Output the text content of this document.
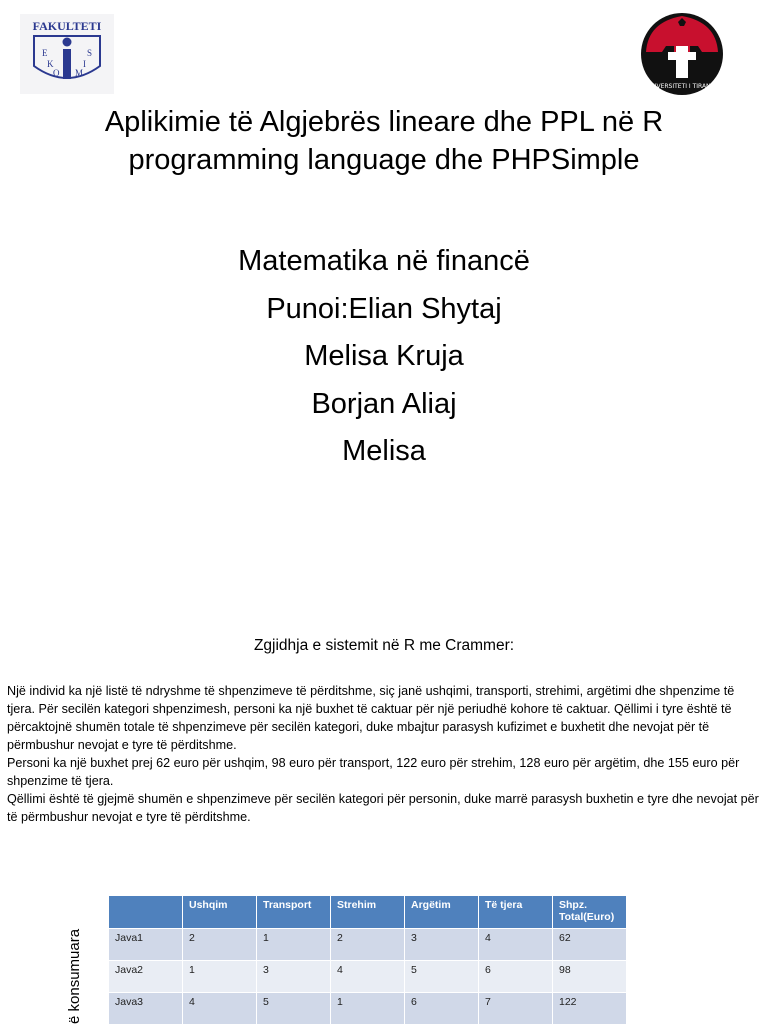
FAKULTETI
E
K
O M
I
S
UNIVERSITETI I TIRANËS
Aplikimie të Algjebrës lineare dhe PPL në R
programming language dhe PHPSimple
Matematika në financë
Punoi:Elian Shytaj
Melisa Kruja
Borjan Aliaj
Melisa
Zgjidhja e sistemit në R me Crammer:

Një individ ka një listë të ndryshme të shpenzimeve të përditshme, siç janë ushqimi, transporti, strehimi, argëtimi dhe shpenzime të tjera. Për secilën kategori shpenzimesh, personi ka një buxhet të caktuar për një periudhë kohore të caktuar. Qëllimi i tyre është të përcaktojnë shumën totale të shpenzimeve për secilën kategori, duke mbajtur parasysh kufizimet e buxhetit dhe nevojat për të përmbushur nevojat e tyre të përditshme.

Personi ka një buxhet prej 62 euro për ushqim, 98 euro për transport, 122 euro për strehim, 128 euro për argëtim, dhe 155 euro për shpenzime të tjera.

Qëllimi është të gjejmë shumën e shpenzimeve për secilën kategori për personin, duke marrë parasysh buxhetin e tyre dhe nevojat për të përmbushur nevojat e tyre të përditshme.

ë konsumuara
	Ushqim	Transport	Strehim	Argëtim	Të tjera	Shpz. Total(Euro)
Java1	2	1	2	3	4	62
Java2	1	3	4	5	6	98
Java3	4	5	1	6	7	122
